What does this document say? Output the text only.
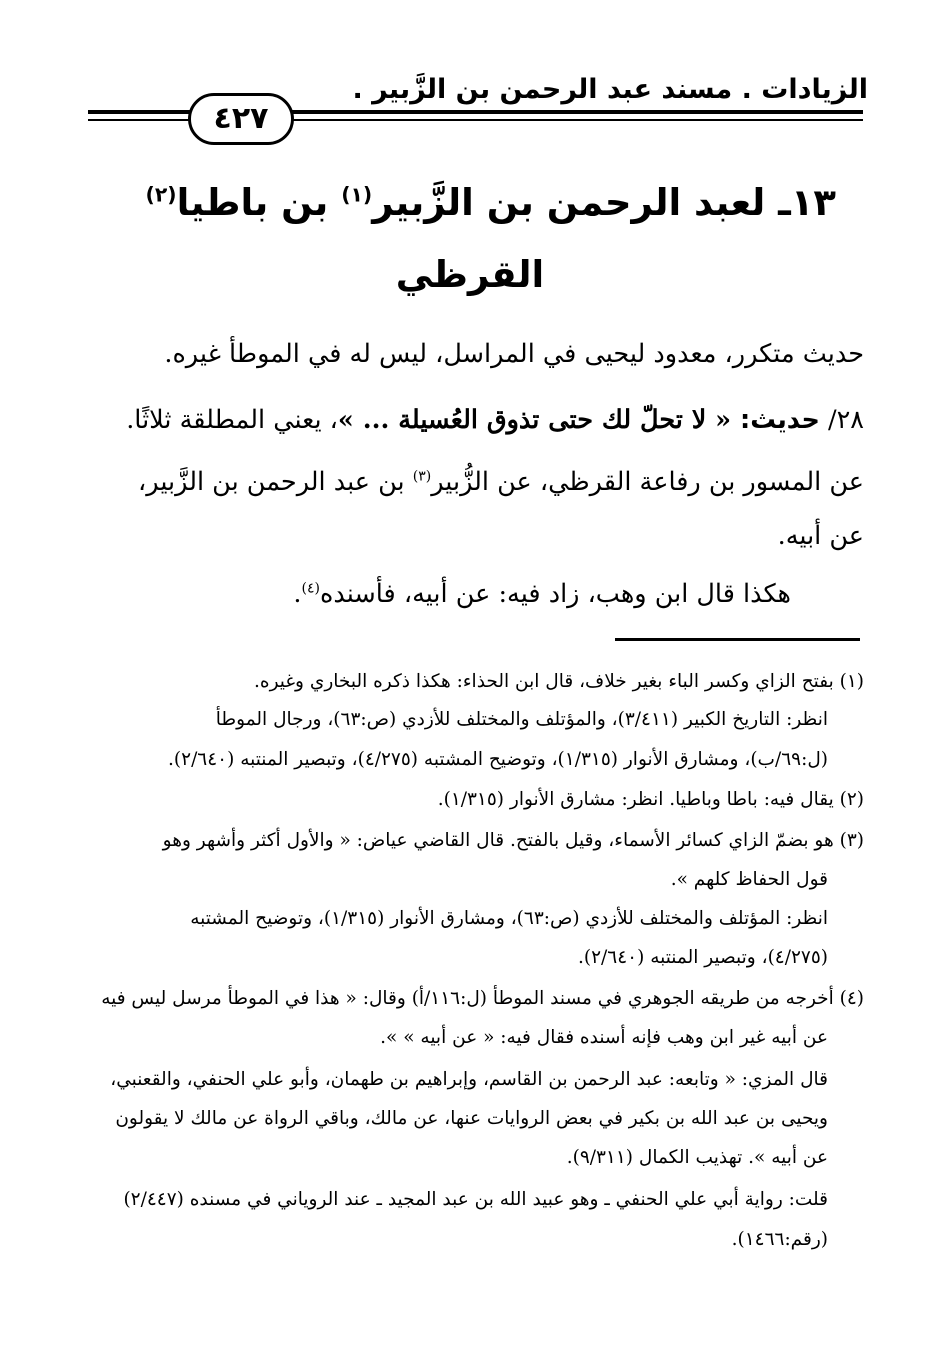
الزيادات . مسند عبد الرحمن بن الزَّبير .
٤٢٧
١٣ـ لعبد الرحمن بن الزَّبير$^{(١)}$ بن باطيا$^{(٢)}$
القرظي
حديث متكرر، معدود ليحيى في المراسل، ليس له في الموطأ غيره.
٢٨/ حديث: « لا تحلّ لك حتى تذوق العُسيلة ... »، يعني المطلقة ثلاثًا.
عن المسور بن رفاعة القرظي، عن الزُّبير$^{(٣)}$ بن عبد الرحمن بن الزَّبير،
عن أبيه.
هكذا قال ابن وهب، زاد فيه: عن أبيه، فأسنده$^{(٤)}$.
(١) بفتح الزاي وكسر الباء بغير خلاف، قال ابن الحذاء: هكذا ذكره البخاري وغيره.
انظر: التاريخ الكبير (٣/٤١١)، والمؤتلف والمختلف للأزدي (ص:٦٣)، ورجال الموطأ
(ل:٦٩/ب)، ومشارق الأنوار (١/٣١٥)، وتوضيح المشتبه (٤/٢٧٥)، وتبصير المنتبه (٢/٦٤٠).
(٢) يقال فيه: باطا وباطيا. انظر: مشارق الأنوار (١/٣١٥).
(٣) هو بضمّ الزاي كسائر الأسماء، وقيل بالفتح. قال القاضي عياض: « والأول أكثر وأشهر وهو
قول الحفاظ كلهم ».
انظر: المؤتلف والمختلف للأزدي (ص:٦٣)، ومشارق الأنوار (١/٣١٥)، وتوضيح المشتبه
(٤/٢٧٥)، وتبصير المنتبه (٢/٦٤٠).
(٤) أخرجه من طريقه الجوهري في مسند الموطأ (ل:١١٦/أ) وقال: « هذا في الموطأ مرسل ليس فيه
عن أبيه غير ابن وهب فإنه أسنده فقال فيه: « عن أبيه » ».
قال المزي: « وتابعه: عبد الرحمن بن القاسم، وإبراهيم بن طهمان، وأبو علي الحنفي، والقعنبي،
ويحيى بن عبد الله بن بكير في بعض الروايات عنها، عن مالك، وباقي الرواة عن مالك لا يقولون
عن أبيه ». تهذيب الكمال (٩/٣١١).
قلت: رواية أبي علي الحنفي ـ وهو عبيد الله بن عبد المجيد ـ عند الروياني في مسنده (٢/٤٤٧)
(رقم:١٤٦٦).
